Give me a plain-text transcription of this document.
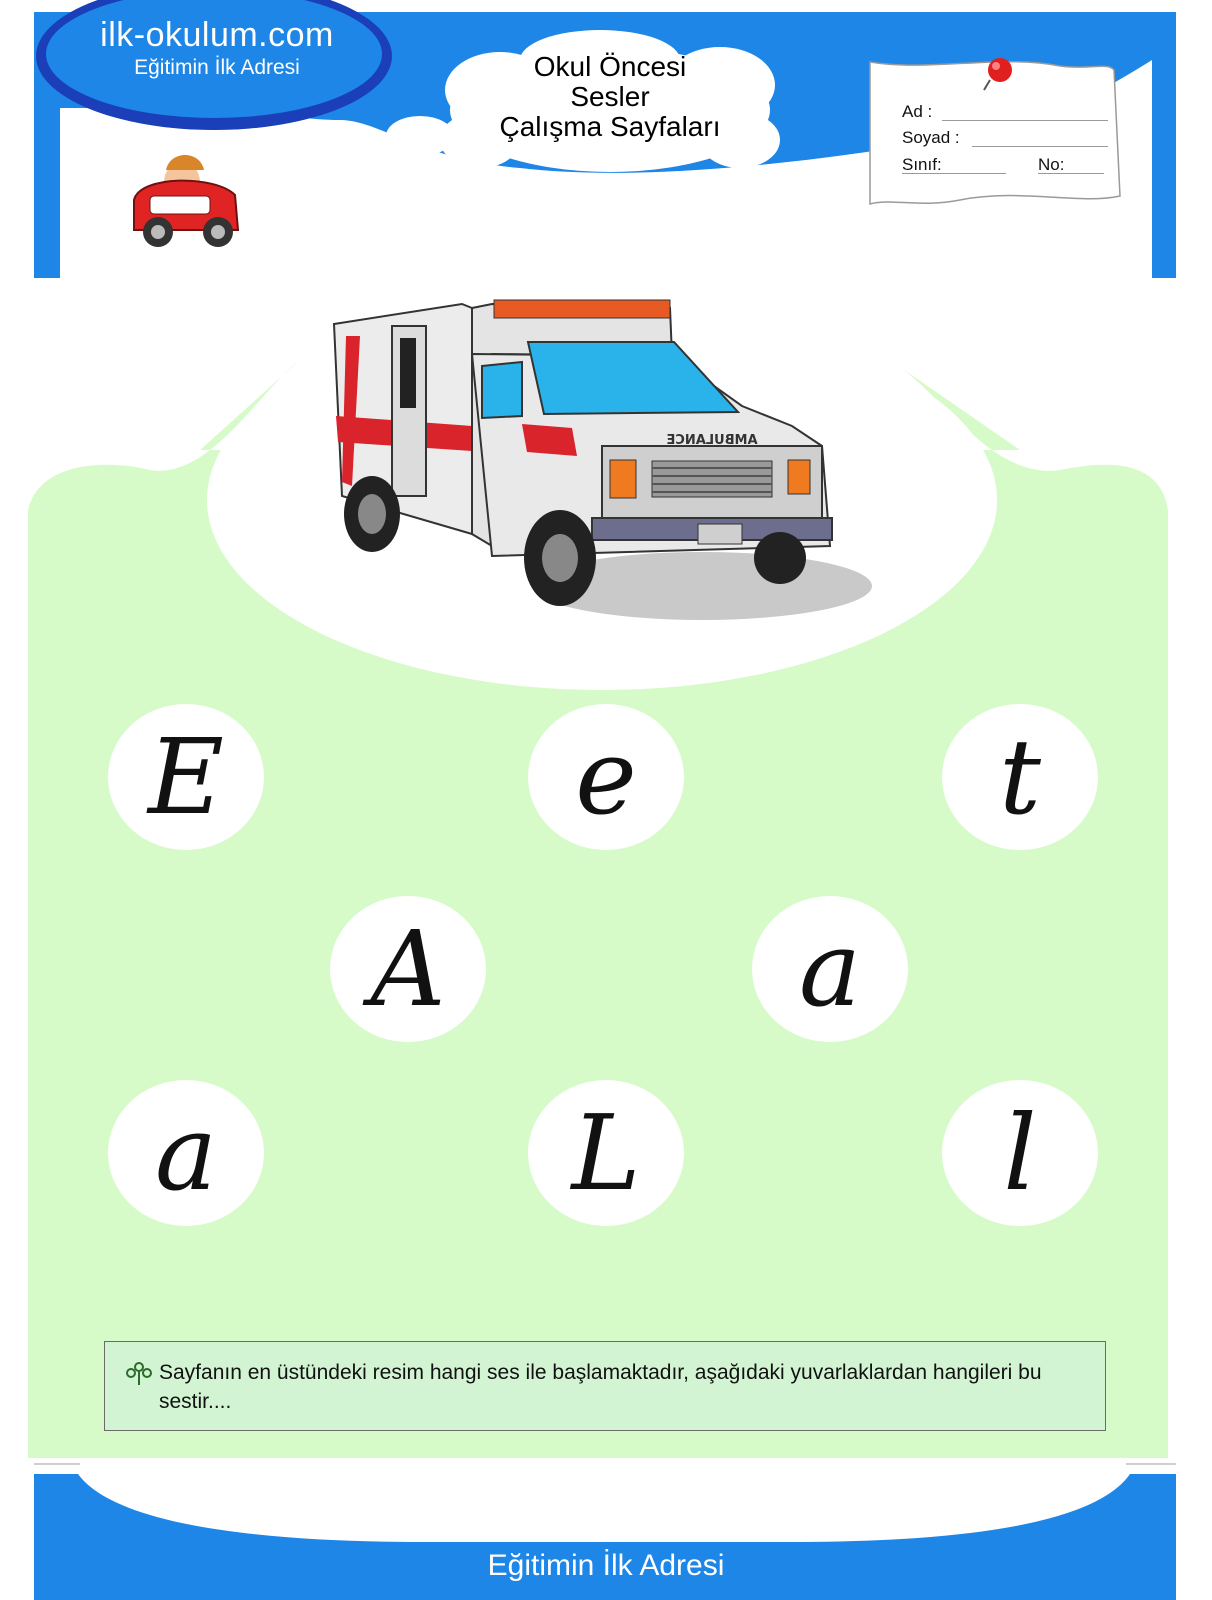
ilk-okulum.com
Eğitimin İlk Adresi	Okul Öncesi
Sesler
Çalışma Sayfaları	Ad :
Soyad :
Sınıf:	No:
AMBULANCE
E	e	t
A	a
a	L	l
Sayfanın en üstündeki resim hangi ses ile başlamaktadır, aşağıdaki yuvarlaklardan hangileri bu sestir....
ilk-okulum.com
Eğitimin İlk Adresi
